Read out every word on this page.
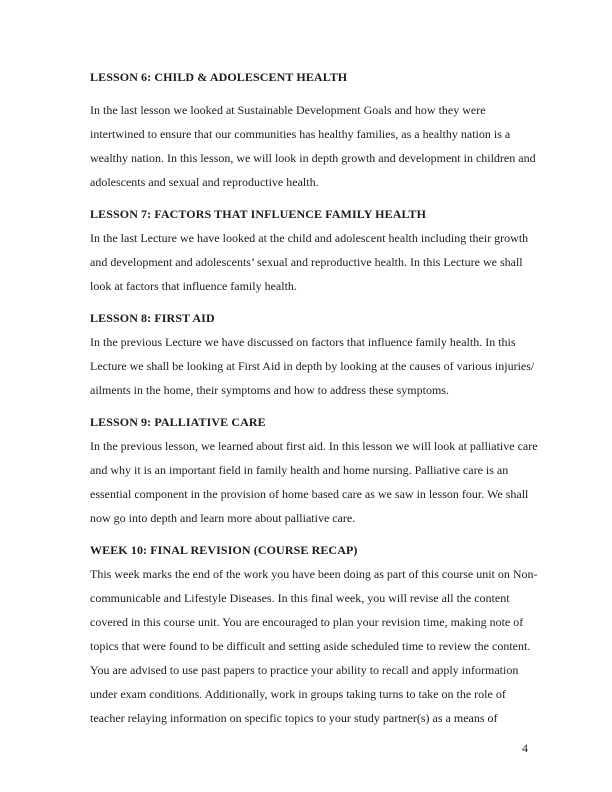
LESSON 6: CHILD & ADOLESCENT HEALTH
In the last lesson we looked at Sustainable Development Goals and how they were
intertwined to ensure that our communities has healthy families, as a healthy nation is a
wealthy nation. In this lesson, we will look in depth growth and development in children and
adolescents and sexual and reproductive health.
LESSON 7: FACTORS THAT INFLUENCE FAMILY HEALTH
In the last Lecture we have looked at the child and adolescent health including their growth
and development and adolescents’ sexual and reproductive health. In this Lecture we shall
look at factors that influence family health.
LESSON 8: FIRST AID
In the previous Lecture we have discussed on factors that influence family health. In this
Lecture we shall be looking at First Aid in depth by looking at the causes of various injuries/
ailments in the home, their symptoms and how to address these symptoms.
LESSON 9: PALLIATIVE CARE
In the previous lesson, we learned about first aid. In this lesson we will look at palliative care
and why it is an important field in family health and home nursing. Palliative care is an
essential component in the provision of home based care as we saw in lesson four. We shall
now go into depth and learn more about palliative care.
WEEK 10: FINAL REVISION (COURSE RECAP)
This week marks the end of the work you have been doing as part of this course unit on Non-
communicable and Lifestyle Diseases. In this final week, you will revise all the content
covered in this course unit. You are encouraged to plan your revision time, making note of
topics that were found to be difficult and setting aside scheduled time to review the content.
You are advised to use past papers to practice your ability to recall and apply information
under exam conditions. Additionally, work in groups taking turns to take on the role of
teacher relaying information on specific topics to your study partner(s) as a means of
4
